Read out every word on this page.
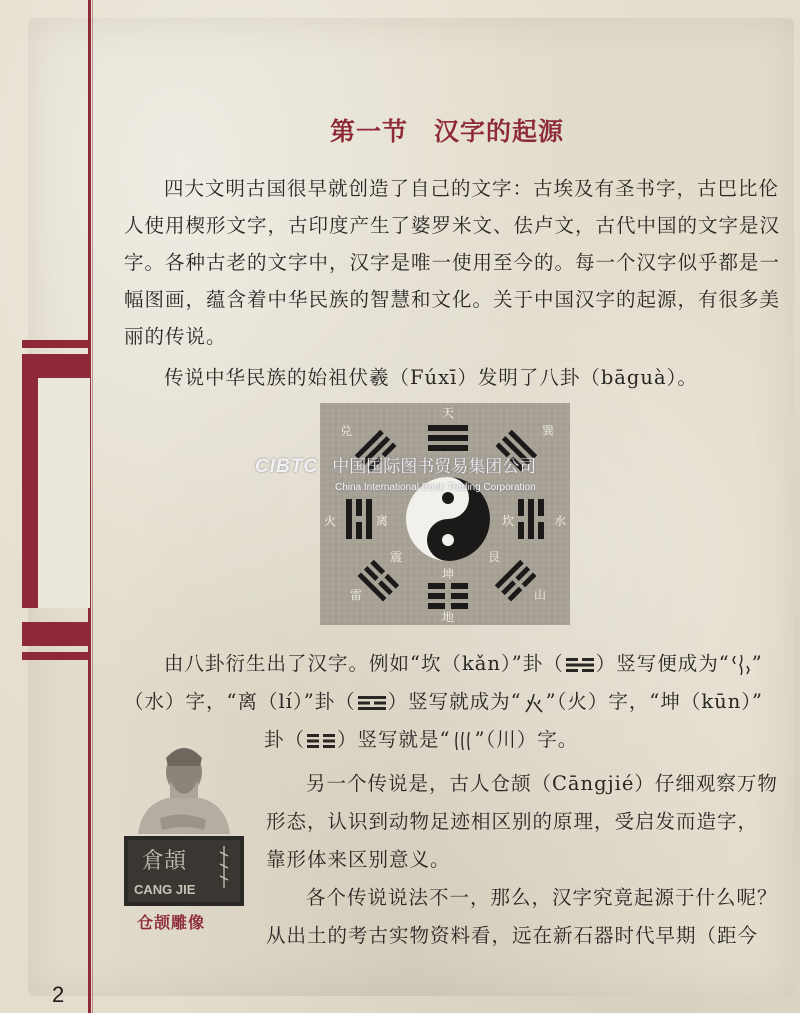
第一节　汉字的起源
四大文明古国很早就创造了自己的文字：古埃及有圣书字，古巴比伦人使用楔形文字，古印度产生了婆罗米文、佉卢文，古代中国的文字是汉字。各种古老的文字中，汉字是唯一使用至今的。每一个汉字似乎都是一幅图画，蕴含着中华民族的智慧和文化。关于中国汉字的起源，有很多美丽的传说。
传说中华民族的始祖伏羲（Fúxī）发明了八卦（bāguà）。
天
兑	巽
火	离	坎	水
震
雷
艮
山
坤
地
CIBTC 中国国际图书贸易集团公司
China International Book Trading Corporation
由八卦衍生出了汉字。例如“坎（kǎn）”卦（ ）竖写便成为“ ”
（水）字，“离（lí）”卦（ ）竖写就成为“ ”（火）字，“坤（kūn）”
卦（ ）竖写就是“ ”（川）字。
倉頡
CANG JIE
仓颉雕像
另一个传说是，古人仓颉（Cāngjié）仔细观察万物
形态，认识到动物足迹相区别的原理，受启发而造字，
靠形体来区别意义。
各个传说说法不一，那么，汉字究竟起源于什么呢？
从出土的考古实物资料看，远在新石器时代早期（距今
2
